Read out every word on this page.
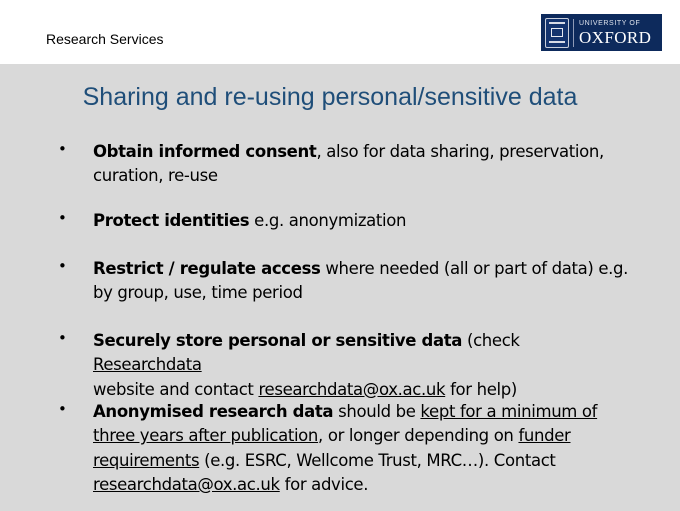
Research Services
UNIVERSITY OF
OXFORD
Sharing and re-using personal/sensitive data
• Obtain informed consent, also for data sharing, preservation,
curation, re-use
• Protect identities e.g. anonymization
• Restrict / regulate access where needed (all or part of data) e.g.
by group, use, time period
• Securely store personal or sensitive data (check Researchdata
website and contact researchdata@ox.ac.uk for help)
• Anonymised research data should be kept for a minimum of
three years after publication, or longer depending on funder
requirements (e.g. ESRC, Wellcome Trust, MRC…). Contact
researchdata@ox.ac.uk for advice.
